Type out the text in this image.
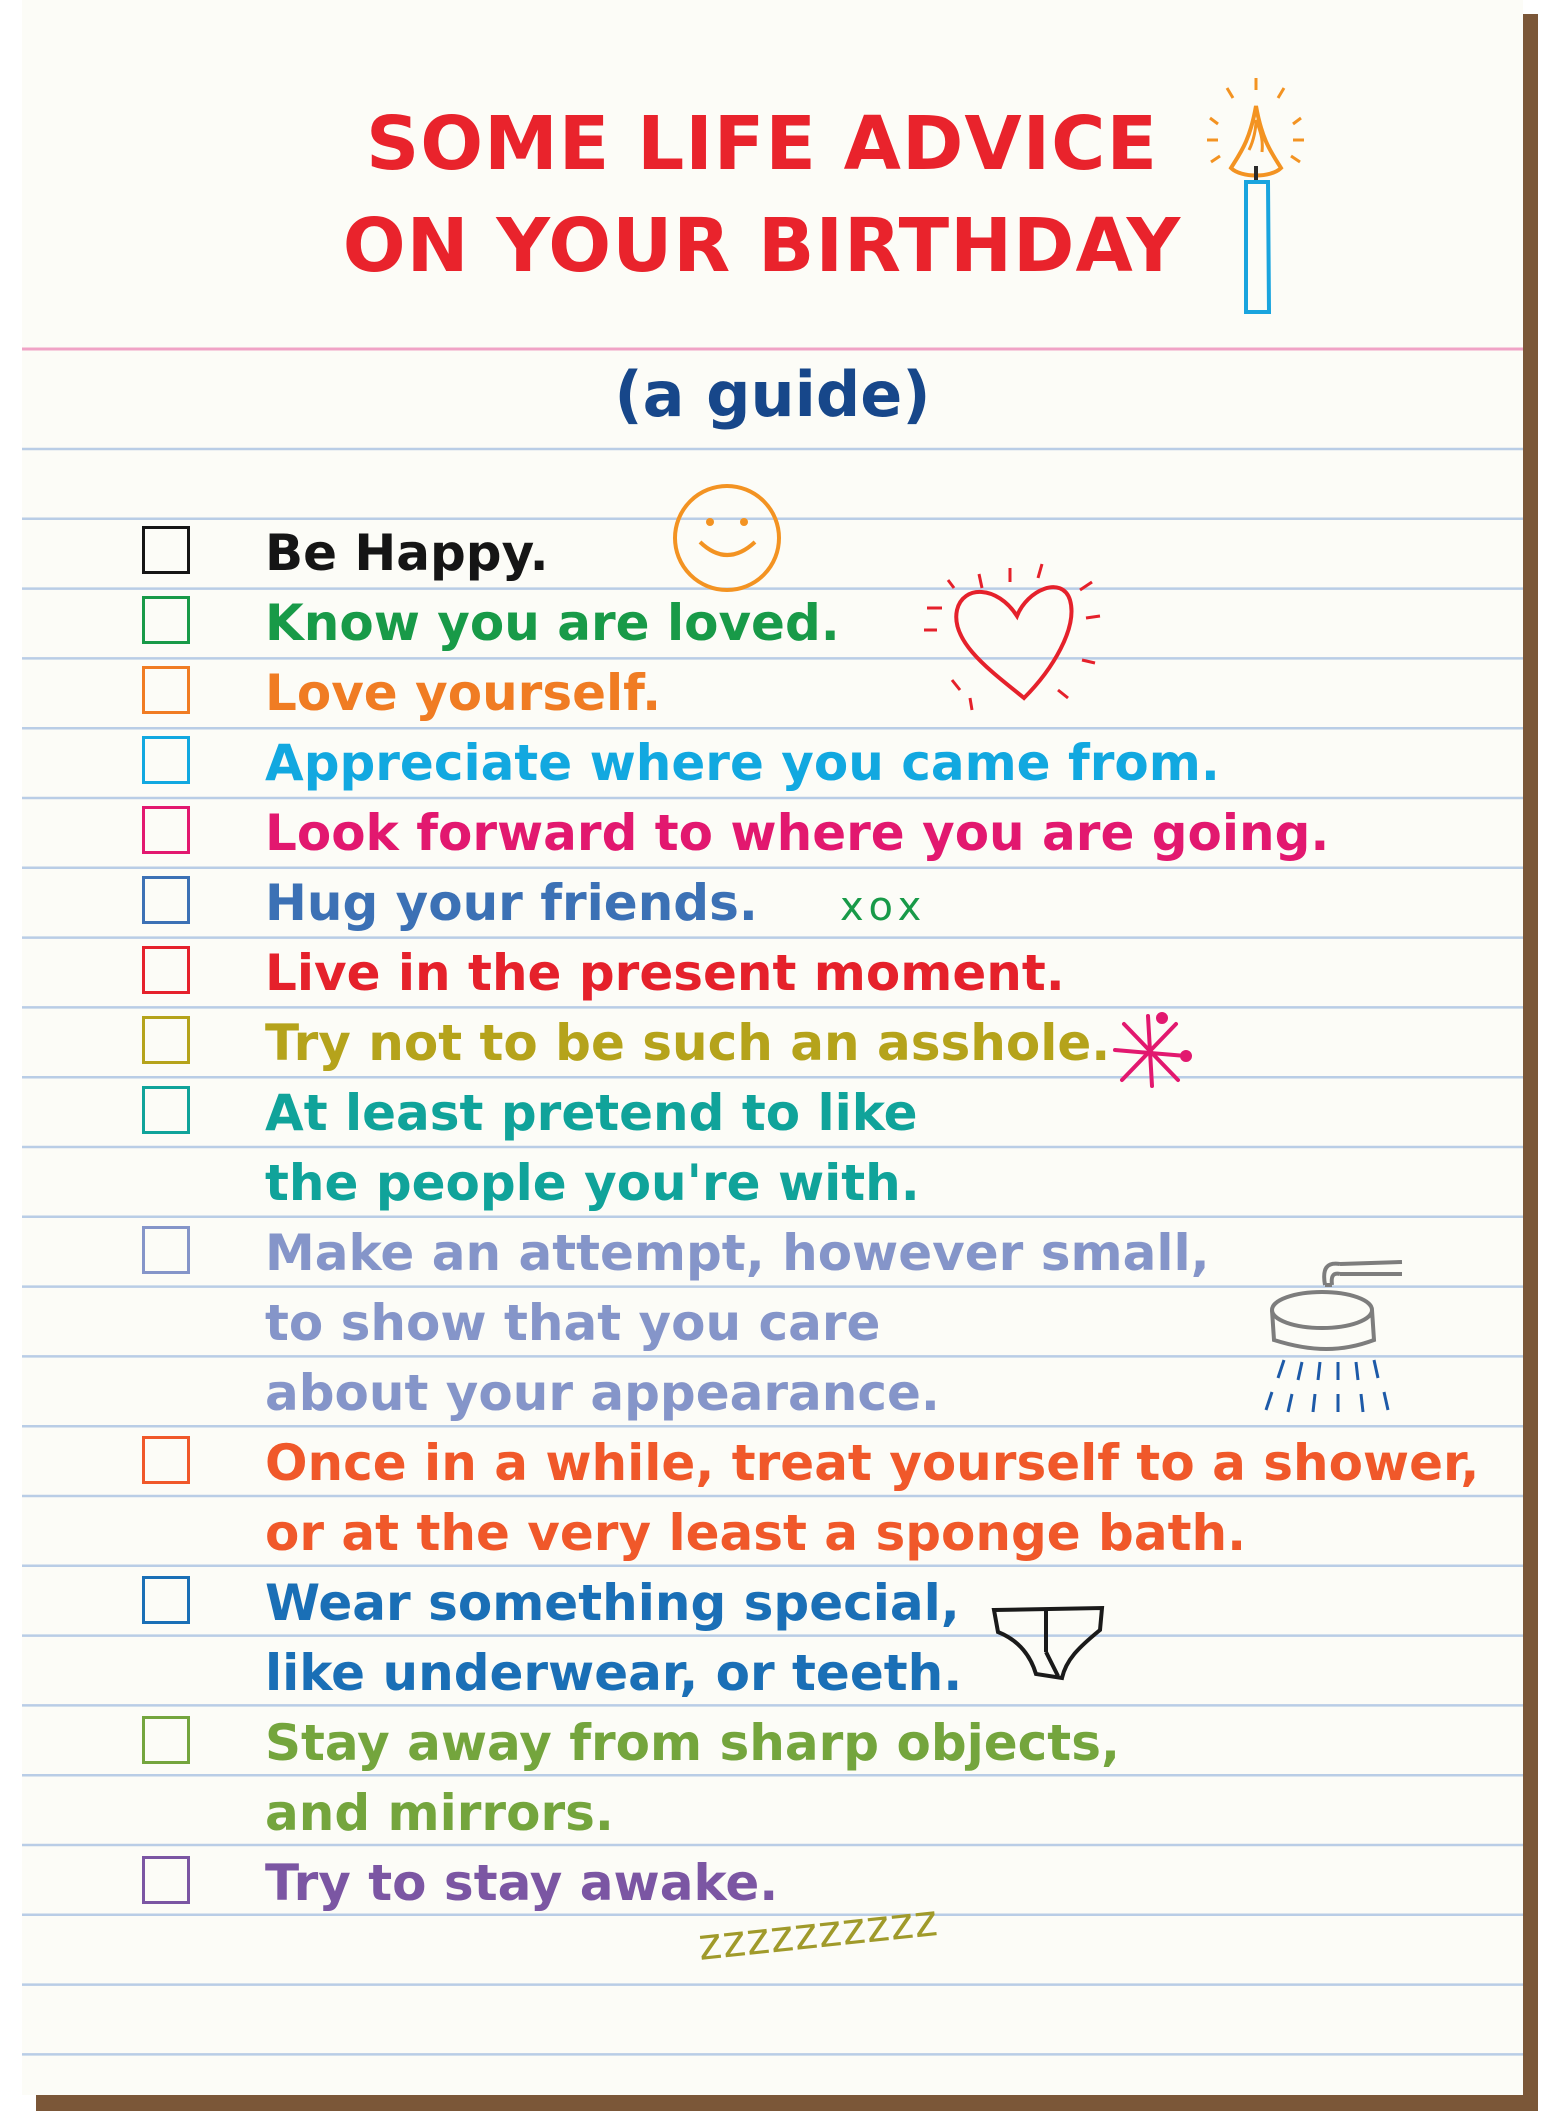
SOME LIFE ADVICE
ON YOUR BIRTHDAY
(a guide)
Be Happy.
Know you are loved.
Love yourself.
Appreciate where you came from.
Look forward to where you are going.
Hug your friends.
Live in the present moment.
Try not to be such an asshole.
At least pretend to like
the people you're with.
Make an attempt, however small,
to show that you care
about your appearance.
Once in a while, treat yourself to a shower,
or at the very least a sponge bath.
Wear something special,
like underwear, or teeth.
Stay away from sharp objects,
and mirrors.
Try to stay awake.
xox
zzzzzzzzzz
